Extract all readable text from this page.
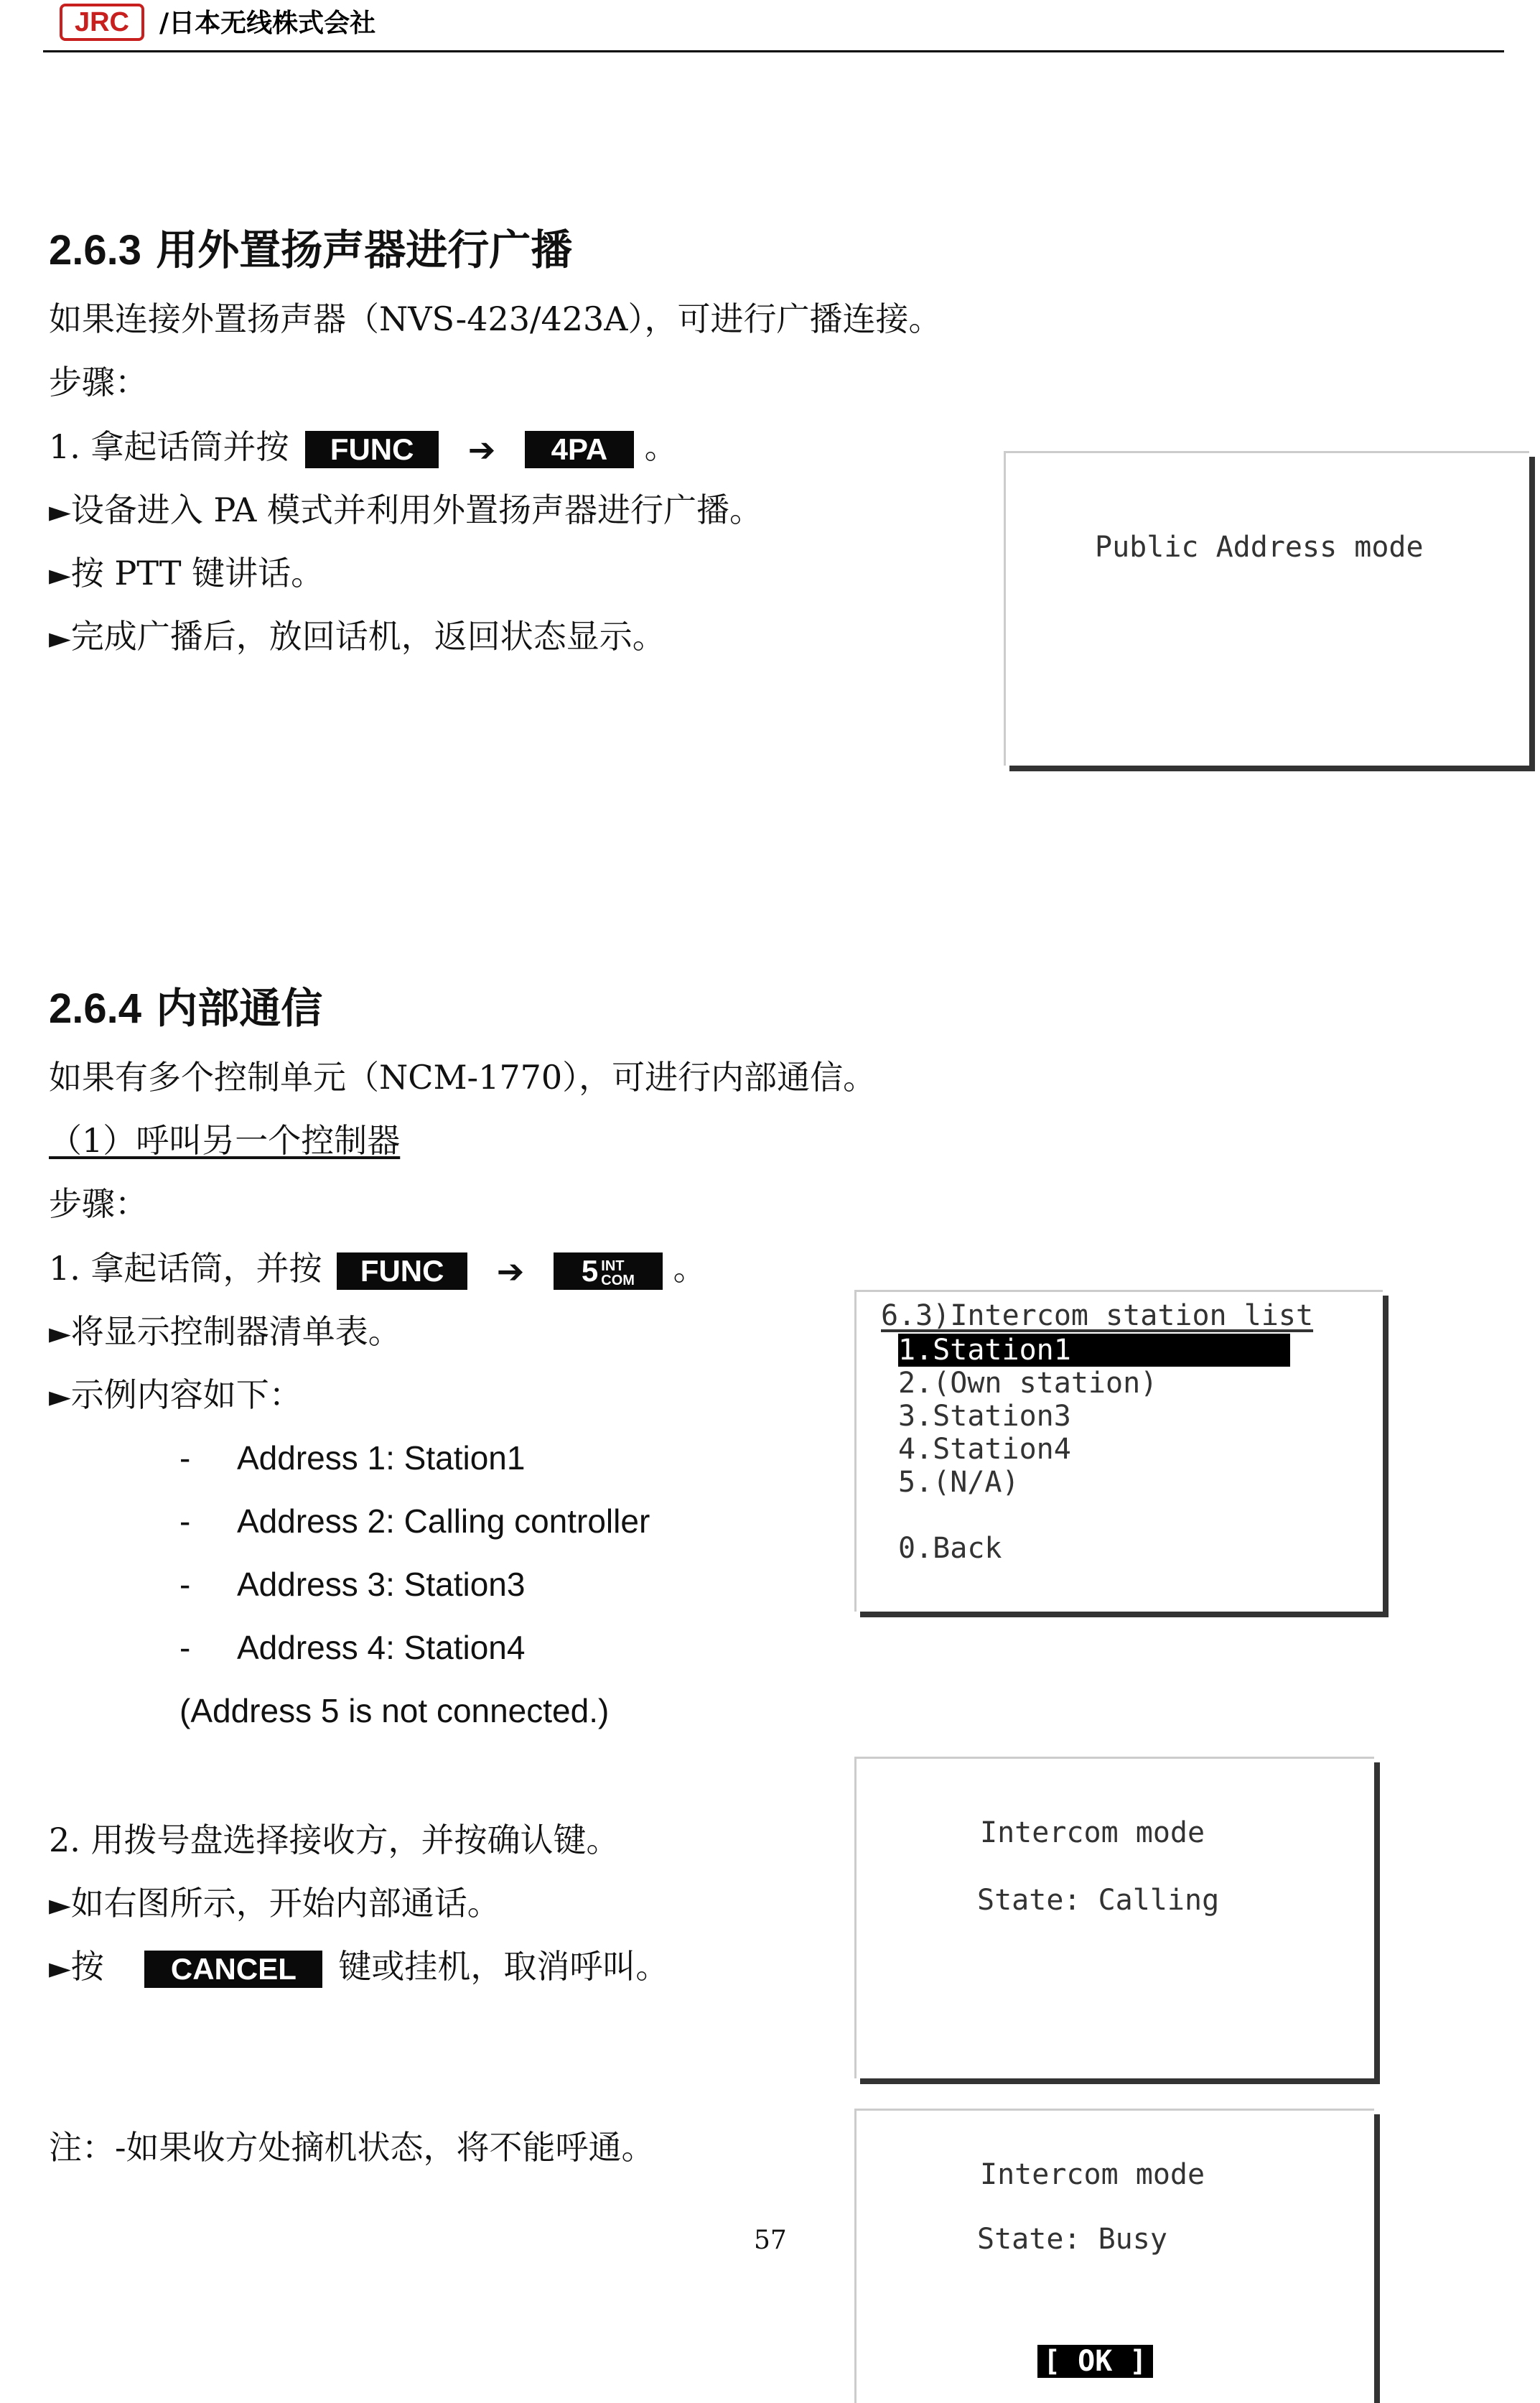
JRC	/日本无线株式会社
2.6.3 用外置扬声器进行广播
如果连接外置扬声器（NVS-423/423A），可进行广播连接。
步骤：
1. 拿起话筒并按 FUNC ➔ 4PA 。
►设备进入 PA 模式并利用外置扬声器进行广播。
►按 PTT 键讲话。
►完成广播后，放回话机，返回状态显示。
Public Address mode
2.6.4 内部通信
如果有多个控制单元（NCM-1770），可进行内部通信。
（1）呼叫另一个控制器
步骤：
1. 拿起话筒，并按 FUNC ➔ 5 INT
COM 。
►将显示控制器清单表。
►示例内容如下：
- Address 1: Station1
- Address 2: Calling controller
- Address 3: Station3
- Address 4: Station4
(Address 5 is not connected.)
2. 用拨号盘选择接收方，并按确认键。
►如右图所示，开始内部通话。
►按 CANCEL 键或挂机，取消呼叫。
注：-如果收方处摘机状态，将不能呼通。
6.3)Intercom station list
1.Station1
2.(Own station)
3.Station3
4.Station4
5.(N/A)
0.Back
Intercom mode
State: Calling
Intercom mode
State: Busy
[ OK ]
57
